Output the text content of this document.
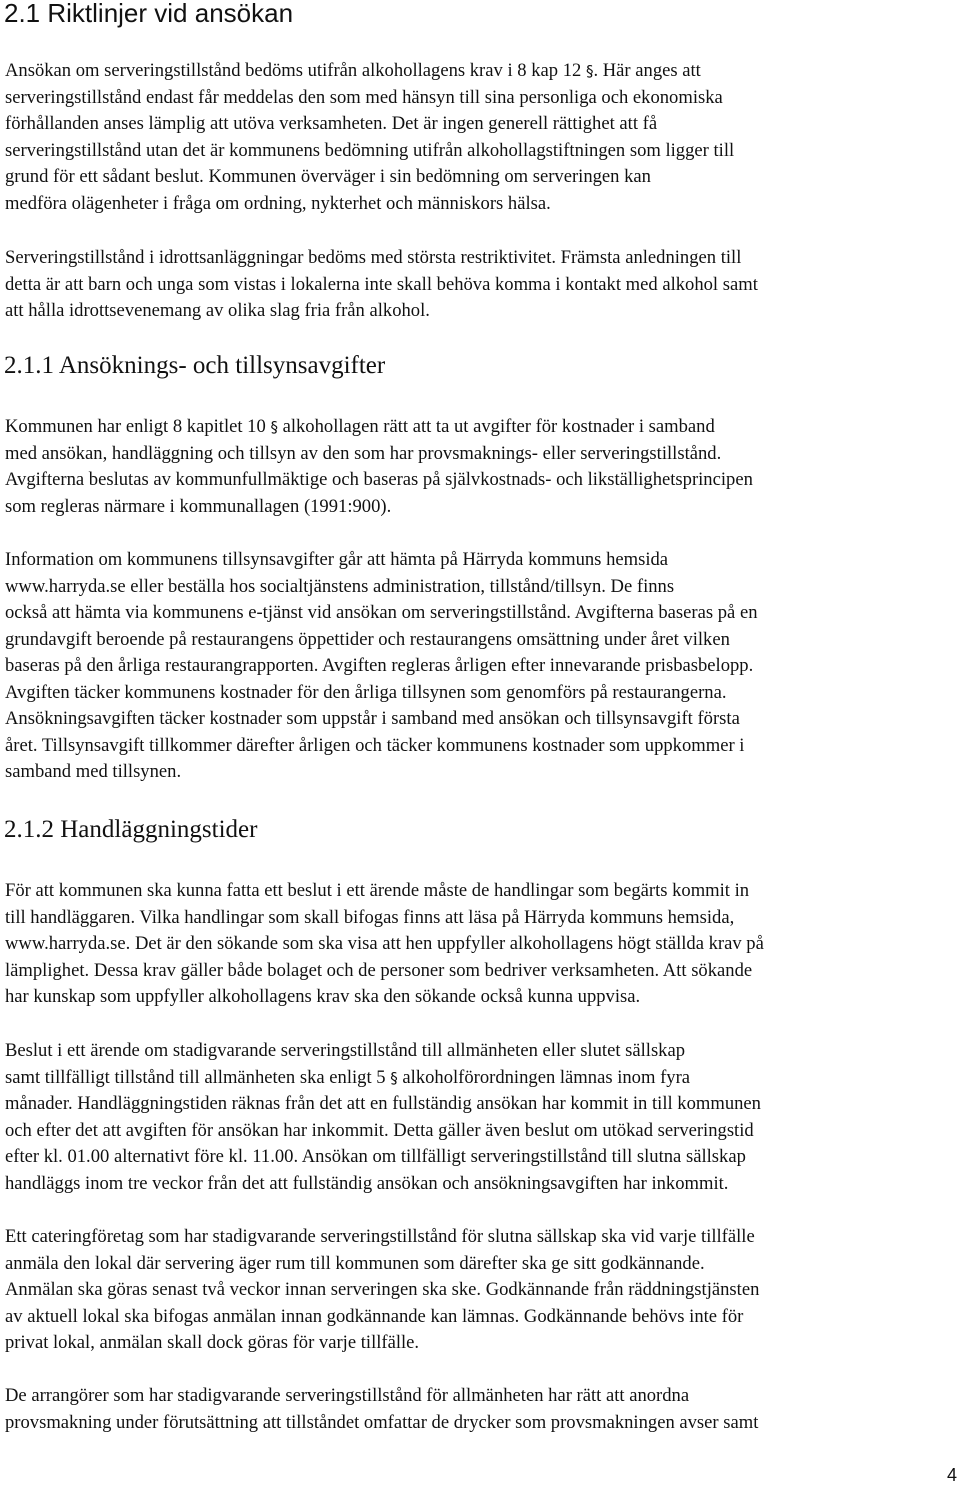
2.1 Riktlinjer vid ansökan
Ansökan om serveringstillstånd bedöms utifrån alkohollagens krav i 8 kap 12 §. Här anges att
serveringstillstånd endast får meddelas den som med hänsyn till sina personliga och ekonomiska
förhållanden anses lämplig att utöva verksamheten. Det är ingen generell rättighet att få
serveringstillstånd utan det är kommunens bedömning utifrån alkohollagstiftningen som ligger till
grund för ett sådant beslut. Kommunen överväger i sin bedömning om serveringen kan
medföra olägenheter i fråga om ordning, nykterhet och människors hälsa.
Serveringstillstånd i idrottsanläggningar bedöms med största restriktivitet. Främsta anledningen till
detta är att barn och unga som vistas i lokalerna inte skall behöva komma i kontakt med alkohol samt
att hålla idrottsevenemang av olika slag fria från alkohol.
2.1.1 Ansöknings- och tillsynsavgifter
Kommunen har enligt 8 kapitlet 10 § alkohollagen rätt att ta ut avgifter för kostnader i samband
med ansökan, handläggning och tillsyn av den som har provsmaknings- eller serveringstillstånd.
Avgifterna beslutas av kommunfullmäktige och baseras på självkostnads- och likställighetsprincipen
som regleras närmare i kommunallagen (1991:900).
Information om kommunens tillsynsavgifter går att hämta på Härryda kommuns hemsida
www.harryda.se eller beställa hos socialtjänstens administration, tillstånd/tillsyn. De finns
också att hämta via kommunens e-tjänst vid ansökan om serveringstillstånd. Avgifterna baseras på en
grundavgift beroende på restaurangens öppettider och restaurangens omsättning under året vilken
baseras på den årliga restaurangrapporten. Avgiften regleras årligen efter innevarande prisbasbelopp.
Avgiften täcker kommunens kostnader för den årliga tillsynen som genomförs på restaurangerna.
Ansökningsavgiften täcker kostnader som uppstår i samband med ansökan och tillsynsavgift första
året. Tillsynsavgift tillkommer därefter årligen och täcker kommunens kostnader som uppkommer i
samband med tillsynen.
2.1.2 Handläggningstider
För att kommunen ska kunna fatta ett beslut i ett ärende måste de handlingar som begärts kommit in
till handläggaren. Vilka handlingar som skall bifogas finns att läsa på Härryda kommuns hemsida,
www.harryda.se. Det är den sökande som ska visa att hen uppfyller alkohollagens högt ställda krav på
lämplighet. Dessa krav gäller både bolaget och de personer som bedriver verksamheten. Att sökande
har kunskap som uppfyller alkohollagens krav ska den sökande också kunna uppvisa.
Beslut i ett ärende om stadigvarande serveringstillstånd till allmänheten eller slutet sällskap
samt tillfälligt tillstånd till allmänheten ska enligt 5 § alkoholförordningen lämnas inom fyra
månader. Handläggningstiden räknas från det att en fullständig ansökan har kommit in till kommunen
och efter det att avgiften för ansökan har inkommit. Detta gäller även beslut om utökad serveringstid
efter kl. 01.00 alternativt före kl. 11.00. Ansökan om tillfälligt serveringstillstånd till slutna sällskap
handläggs inom tre veckor från det att fullständig ansökan och ansökningsavgiften har inkommit.
Ett cateringföretag som har stadigvarande serveringstillstånd för slutna sällskap ska vid varje tillfälle
anmäla den lokal där servering äger rum till kommunen som därefter ska ge sitt godkännande.
Anmälan ska göras senast två veckor innan serveringen ska ske. Godkännande från räddningstjänsten
av aktuell lokal ska bifogas anmälan innan godkännande kan lämnas. Godkännande behövs inte för
privat lokal, anmälan skall dock göras för varje tillfälle.
De arrangörer som har stadigvarande serveringstillstånd för allmänheten har rätt att anordna
provsmakning under förutsättning att tillståndet omfattar de drycker som provsmakningen avser samt
4
